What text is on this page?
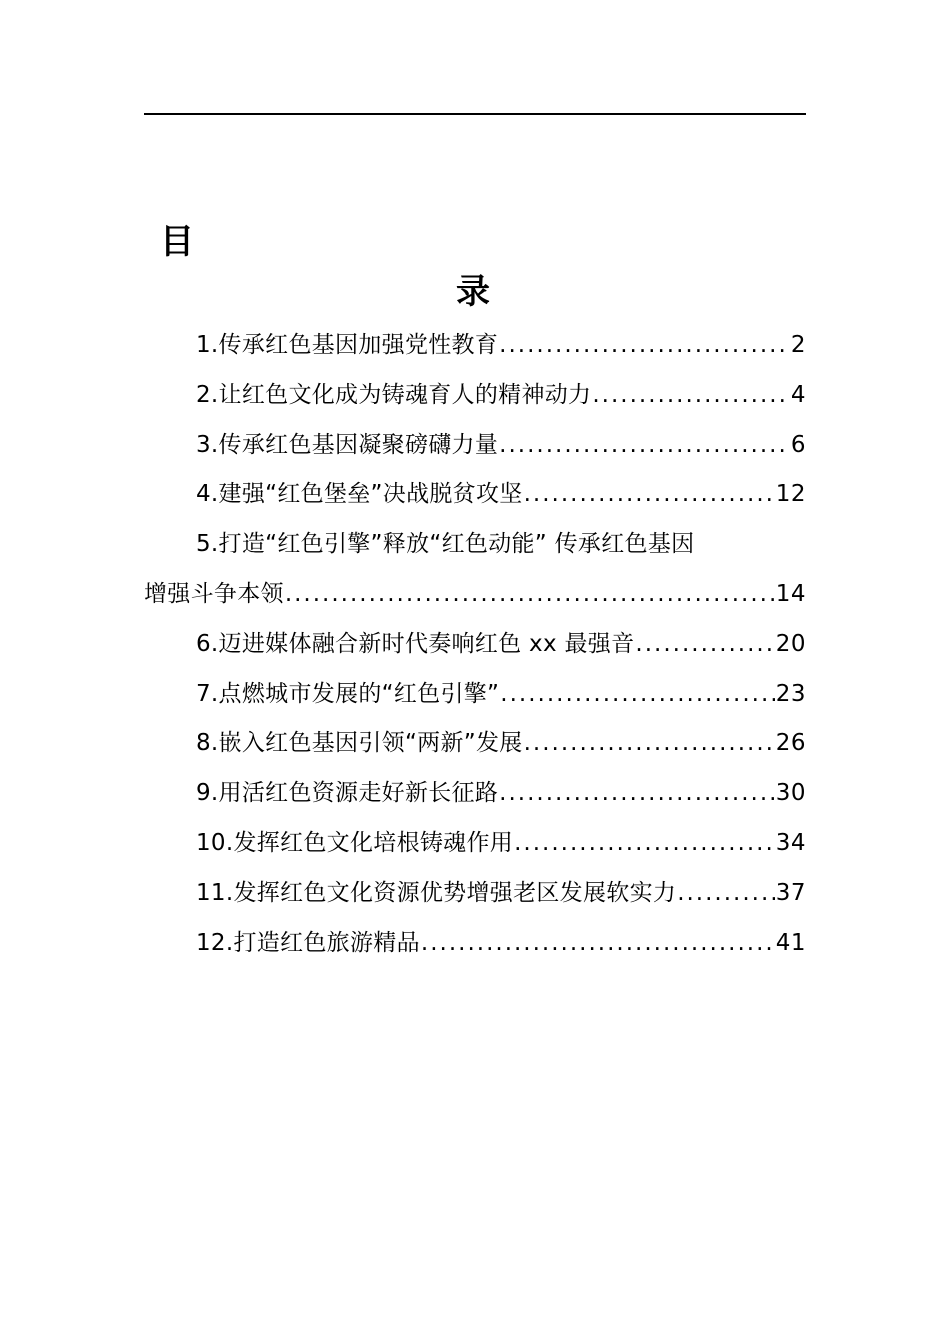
目
录
1.传承红色基因加强党性教育 .....	2
2.让红色文化成为铸魂育人的精神动力 .....	4
3.传承红色基因凝聚磅礴力量 .....	6
4.建强“红色堡垒”决战脱贫攻坚 .....	12
5.打造“红色引擎”释放“红色动能” 传承红色基因
增强斗争本领 .....	14
6.迈进媒体融合新时代奏响红色 xx 最强音 .....	20
7.点燃城市发展的“红色引擎” .....	23
8.嵌入红色基因引领“两新”发展 .....	26
9.用活红色资源走好新长征路 .....	30
10.发挥红色文化培根铸魂作用 .....	34
11.发挥红色文化资源优势增强老区发展软实力 .....	37
12.打造红色旅游精品 .....	41
